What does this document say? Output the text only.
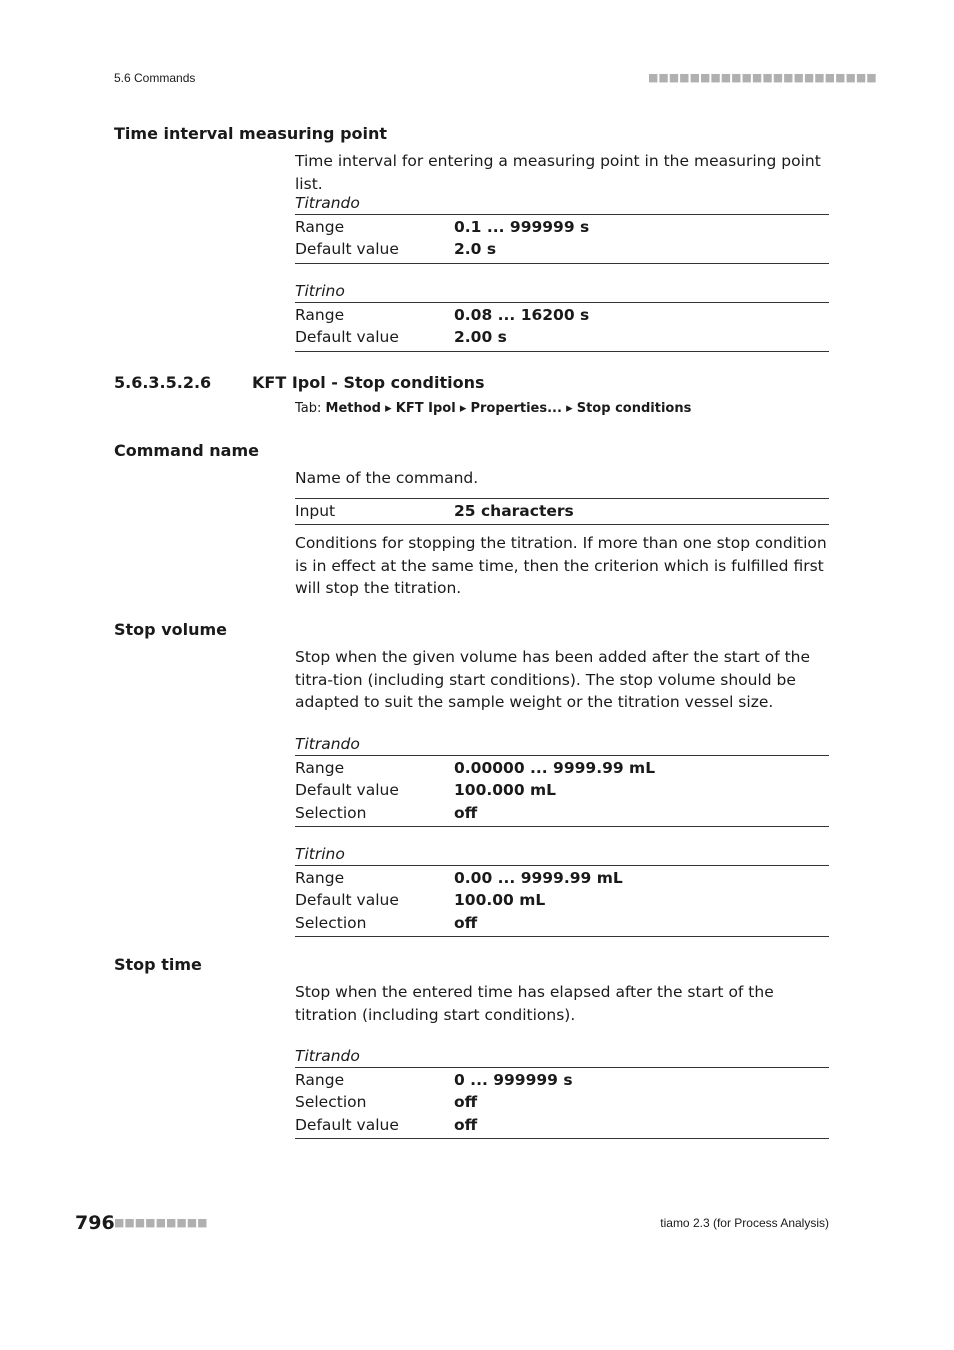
5.6 Commands	■■■■■■■■■■■■■■■■■■■■■■
Time interval measuring point
Time interval for entering a measuring point in the measuring point list.
Titrando
Range	0.1 ... 999999 s
Default value	2.0 s
Titrino
Range	0.08 ... 16200 s
Default value	2.00 s
5.6.3.5.2.6	KFT Ipol - Stop conditions
Tab: Method ▸ KFT Ipol ▸ Properties... ▸ Stop conditions
Command name
Name of the command.
Input	25 characters
Conditions for stopping the titration. If more than one stop condition is in effect at the same time, then the criterion which is fulfilled first will stop the titration.
Stop volume
Stop when the given volume has been added after the start of the titra-tion (including start conditions). The stop volume should be adapted to suit the sample weight or the titration vessel size.
Titrando
Range	0.00000 ... 9999.99 mL
Default value	100.000 mL
Selection	off
Titrino
Range	0.00 ... 9999.99 mL
Default value	100.00 mL
Selection	off
Stop time
Stop when the entered time has elapsed after the start of the titration (including start conditions).
Titrando
Range	0 ... 999999 s
Selection	off
Default value	off
796 ■■■■■■■■■	tiamo 2.3 (for Process Analysis)
